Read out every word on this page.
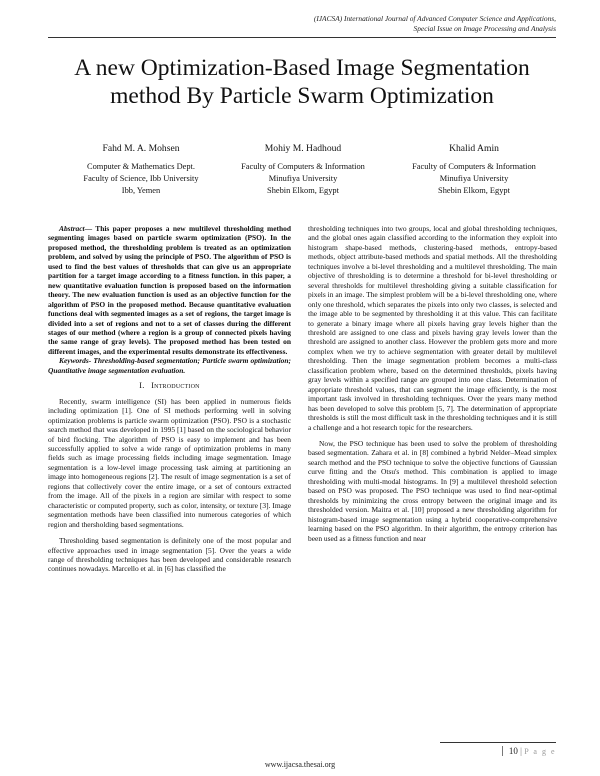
(IJACSA) International Journal of Advanced Computer Science and Applications,
Special Issue on Image Processing and Analysis
A new Optimization-Based Image Segmentation
method By Particle Swarm Optimization
Fahd M. A. Mohsen
Computer & Mathematics Dept.
Faculty of Science, Ibb University
Ibb, Yemen
Mohiy M. Hadhoud
Faculty of Computers & Information
Minufiya University
Shebin Elkom, Egypt
Khalid Amin
Faculty of Computers & Information
Minufiya University
Shebin Elkom, Egypt

Abstract— This paper proposes a new multilevel thresholding method segmenting images based on particle swarm optimization (PSO). In the proposed method, the thresholding problem is treated as an optimization problem, and solved by using the principle of PSO. The algorithm of PSO is used to find the best values of thresholds that can give us an appropriate partition for a target image according to a fitness function. in this paper, a new quantitative evaluation function is proposed based on the information theory. The new evaluation function is used as an objective function for the algorithm of PSO in the proposed method. Because quantitative evaluation functions deal with segmented images as a set of regions, the target image is divided into a set of regions and not to a set of classes during the different stages of our method (where a region is a group of connected pixels having the same range of gray levels). The proposed method has been tested on different images, and the experimental results demonstrate its effectiveness.

Keywords- Thresholding-based segmentation; Particle swarm optimization; Quantitative image segmentation evaluation.

I. Introduction

Recently, swarm intelligence (SI) has been applied in numerous fields including optimization [1]. One of SI methods performing well in solving optimization problems is particle swarm optimization (PSO). PSO is a stochastic search method that was developed in 1995 [1] based on the sociological behavior of bird flocking. The algorithm of PSO is easy to implement and has been successfully applied to solve a wide range of optimization problems in many fields such as image processing fields including image segmentation. Image segmentation is a low-level image processing task aiming at partitioning an image into homogeneous regions [2]. The result of image segmentation is a set of regions that collectively cover the entire image, or a set of contours extracted from the image. All of the pixels in a region are similar with respect to some characteristic or computed property, such as color, intensity, or texture [3]. Image segmentation methods have been classified into numerous categories of which region and thersholding based segmentations.

Thresholding based segmentation is definitely one of the most popular and effective approaches used in image segmentation [5]. Over the years a wide range of thresholding techniques has been developed and considerable research continues nowadays. Marcello et al. in [6] has classified the

thresholding techniques into two groups, local and global thresholding techniques, and the global ones again classified according to the information they exploit into histogram shape-based methods, clustering-based methods, entropy-based methods, object attribute-based methods and spatial methods. All the thresholding techniques involve a bi-level thresholding and a multilevel thresholding. The main objective of thresholding is to determine a threshold for bi-level thresholding or several thresholds for multilevel thresholding giving a suitable classification for pixels in an image. The simplest problem will be a bi-level thresholding one, where only one threshold, which separates the pixels into only two classes, is selected and the image able to be segmented by thresholding it at this value. This can facilitate to generate a binary image where all pixels having gray levels higher than the threshold are assigned to one class and pixels having gray levels lower than the threshold are assigned to another class. However the problem gets more and more complex when we try to achieve segmentation with greater detail by multilevel thresholding. Then the image segmentation problem becomes a multi-class classification problem where, based on the determined thresholds, pixels having gray levels within a specified range are grouped into one class. Determination of appropriate threshold values, that can segment the image efficiently, is the most important task involved in thresholding techniques. Over the years many method has been developed to solve this problem [5, 7]. The determination of appropriate thresholds is still the most difficult task in the thresholding techniques and it is still a challenge and a hot research topic for the researchers.

Now, the PSO technique has been used to solve the problem of thresholding based segmentation. Zahara et al. in [8] combined a hybrid Nelder–Mead simplex search method and the PSO technique to solve the objective functions of Gaussian curve fitting and the Otsu's method. This combination is applied to image thresholding with multi-modal histograms. In [9] a multilevel threshold selection based on PSO was proposed. The PSO technique was used to find near-optimal thresholds by minimizing the cross entropy between the original image and its thresholded version. Maitra et al. [10] proposed a new thresholding algorithm for histogram-based image segmentation using a hybrid cooperative-comprehensive learning based on the PSO algorithm. In their algorithm, the entropy criterion has been used as a fitness function and near

10 | P a g e
www.ijacsa.thesai.org
